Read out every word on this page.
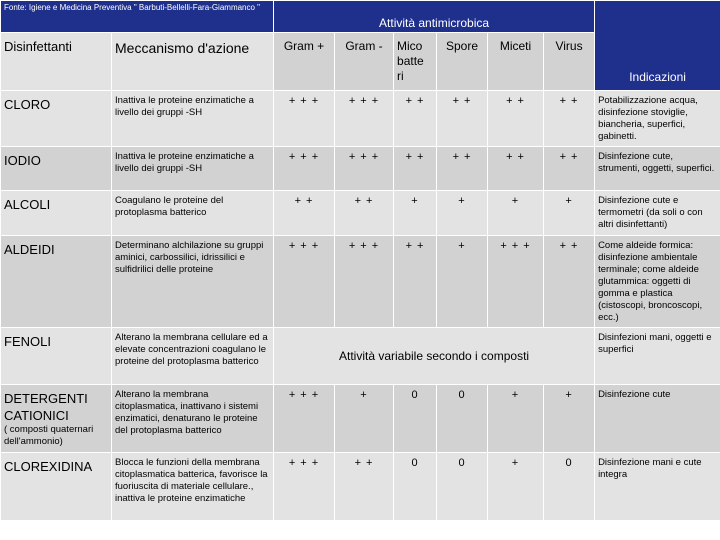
Fonte: Igiene e Medicina Preventiva " Barbuti-Bellelli-Fara-Giammanco "		Attività antimicrobica						Indicazioni
Disinfettanti	Meccanismo d'azione	Gram +	Gram -	Mico batte ri	Spore	Miceti	Virus	
CLORO	Inattiva le proteine enzimatiche a livello dei gruppi -SH	+ + +	+ + +	+ +	+ +	+ +	+ +	Potabilizzazione acqua, disinfezione stoviglie, biancheria, superfici, gabinetti.
IODIO	Inattiva le proteine enzimatiche a livello dei gruppi -SH	+ + +	+ + +	+ +	+ +	+ +	+ +	Disinfezione cute, strumenti, oggetti, superfici.
ALCOLI	Coagulano le proteine del protoplasma batterico	+ +	+ +	+	+	+	+	Disinfezione cute e termometri (da soli o con altri disinfettanti)
ALDEIDI	Determinano alchilazione su gruppi aminici, carbossilici, idrissilici e sulfidrilici delle proteine	+ + +	+ + +	+ +	+	+ + +	+ +	Come aldeide formica: disinfezione ambientale terminale; come aldeide glutammica: oggetti di gomma e plastica (cistoscopi, broncoscopi, ecc.)
FENOLI	Alterano la membrana cellulare ed a elevate concentrazioni coagulano le proteine del protoplasma batterico	Attività variabile secondo i composti						Disinfezioni mani, oggetti e superfici
DETERGENTI CATIONICI
( composti quaternari dell'ammonio)	Alterano la membrana citoplasmatica, inattivano i sistemi enzimatici, denaturano le proteine del protoplasma batterico	+ + +	+	0	0	+	+	Disinfezione cute
CLOREXIDINA	Blocca le funzioni della membrana citoplasmatica batterica, favorisce la fuoriuscita di materiale cellulare., inattiva le proteine enzimatiche	+ + +	+ +	0	0	+	0	Disinfezione mani e cute integra
